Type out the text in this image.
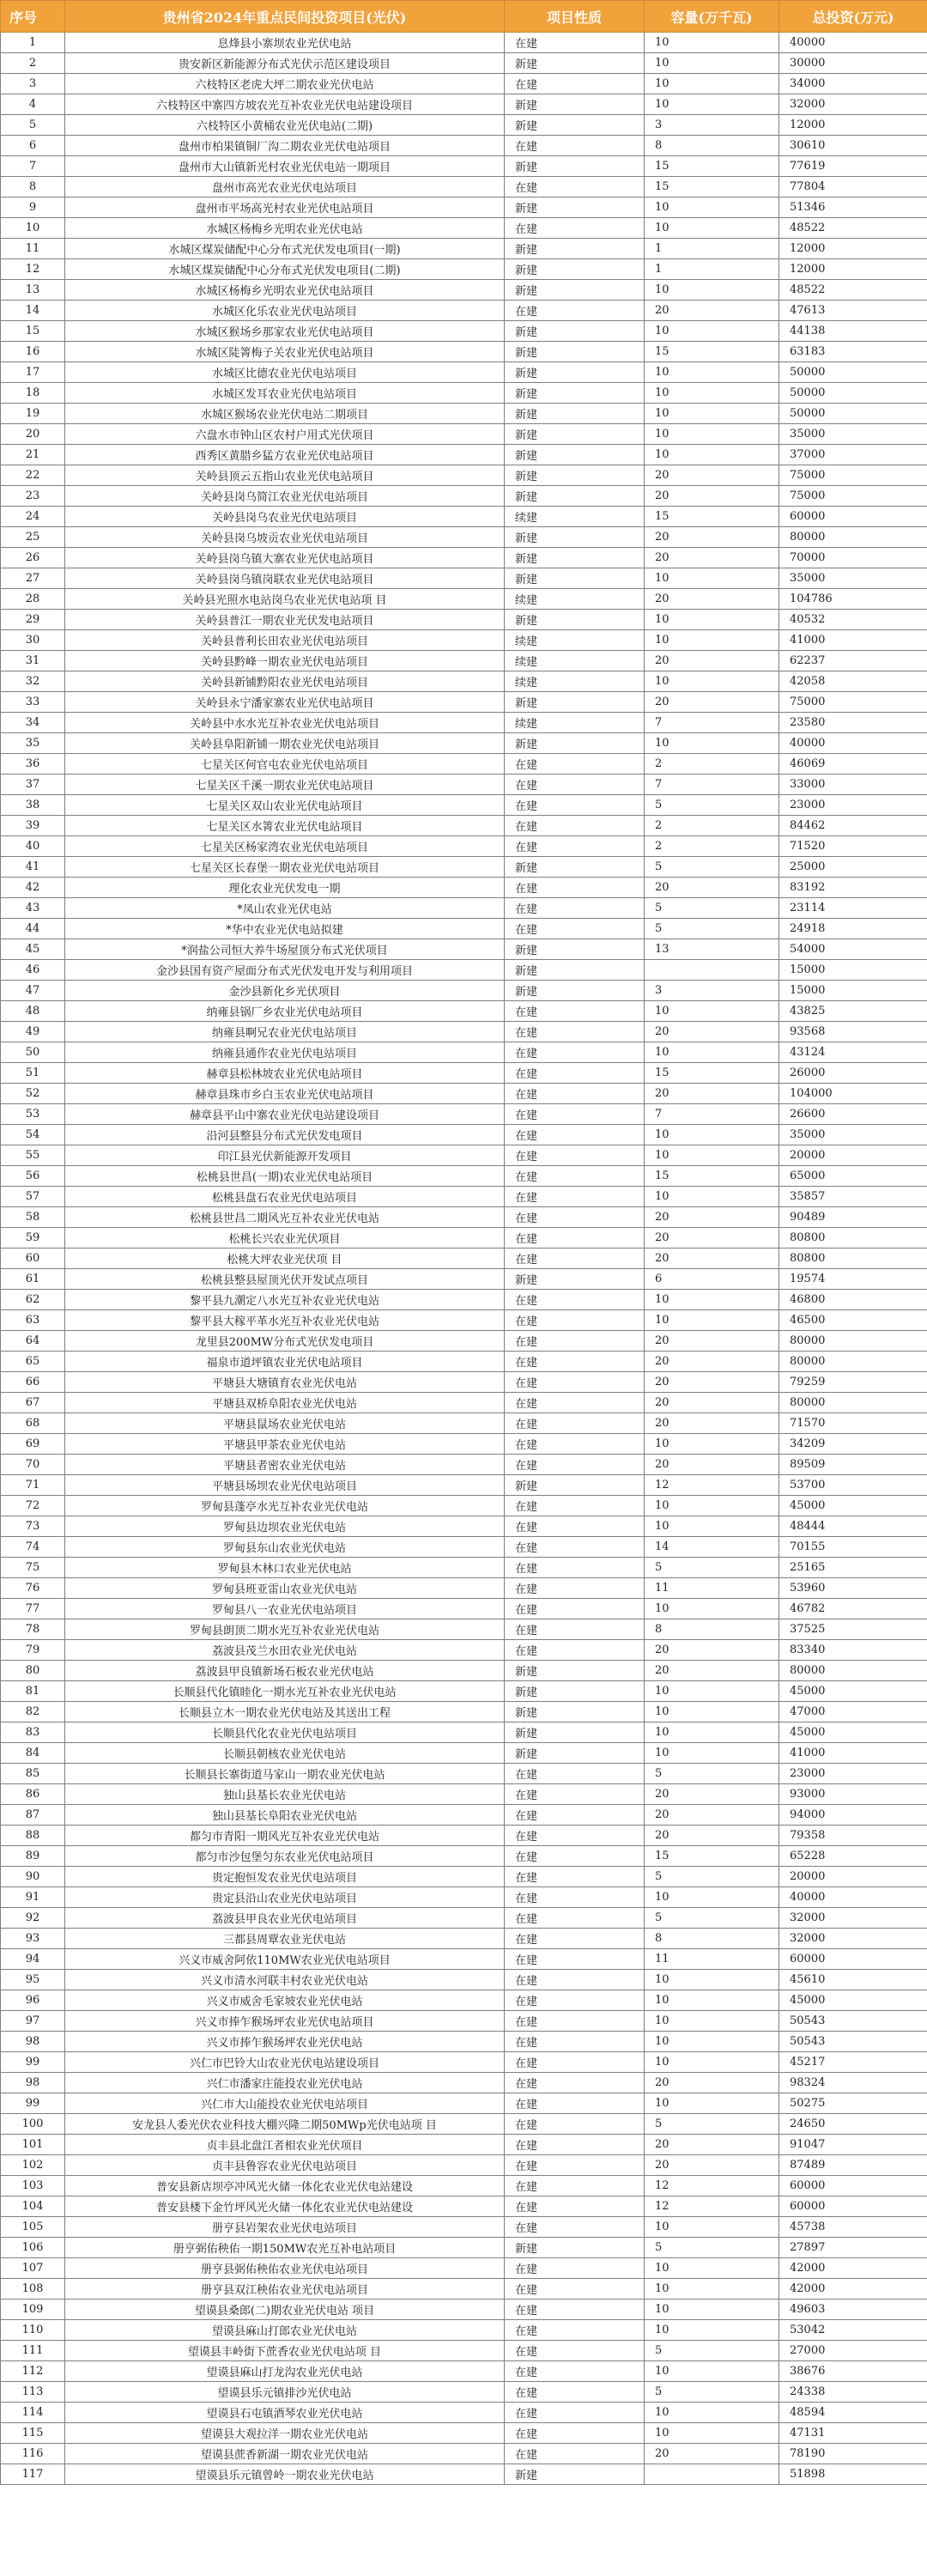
序号	贵州省2024年重点民间投资项目(光伏)	项目性质	容量(万千瓦)	总投资(万元)
1	息烽县小寨坝农业光伏电站	在建	10	40000
2	贵安新区新能源分布式光伏示范区建设项目	新建	10	30000
3	六枝特区老虎大坪二期农业光伏电站	在建	10	34000
4	六枝特区中寨四方坡农光互补农业光伏电站建设项目	新建	10	32000
5	六枝特区小黄桶农业光伏电站(二期)	新建	3	12000
6	盘州市柏果镇铜厂沟二期农业光伏电站项目	在建	8	30610
7	盘州市大山镇新光村农业光伏电站一期项目	新建	15	77619
8	盘州市高光农业光伏电站项目	在建	15	77804
9	盘州市平场高光村农业光伏电站项目	新建	10	51346
10	水城区杨梅乡光明农业光伏电站	在建	10	48522
11	水城区煤炭储配中心分布式光伏发电项目(一期)	新建	1	12000
12	水城区煤炭储配中心分布式光伏发电项目(二期)	新建	1	12000
13	水城区杨梅乡光明农业光伏电站项目	新建	10	48522
14	水城区化乐农业光伏电站项目	在建	20	47613
15	水城区猴场乡那家农业光伏电站项目	新建	10	44138
16	水城区陡箐梅子关农业光伏电站项目	新建	15	63183
17	水城区比德农业光伏电站项目	新建	10	50000
18	水城区发耳农业光伏电站项目	新建	10	50000
19	水城区猴场农业光伏电站二期项目	新建	10	50000
20	六盘水市钟山区农村户用式光伏项目	新建	10	35000
21	西秀区黄腊乡猛方农业光伏电站项目	新建	10	37000
22	关岭县顶云五指山农业光伏电站项目	新建	20	75000
23	关岭县岗乌简江农业光伏电站项目	新建	20	75000
24	关岭县岗乌农业光伏电站项目	续建	15	60000
25	关岭县岗乌坡贡农业光伏电站项目	新建	20	80000
26	关岭县岗乌镇大寨农业光伏电站项目	新建	20	70000
27	关岭县岗乌镇岗联农业光伏电站项目	新建	10	35000
28	关岭县光照水电站岗乌农业光伏电站项 目	续建	20	104786
29	关岭县普江一期农业光伏发电站项目	新建	10	40532
30	关岭县普利长田农业光伏电站项目	续建	10	41000
31	关岭县黔峰一期农业光伏电站项目	续建	20	62237
32	关岭县新铺黔阳农业光伏电站项目	续建	10	42058
33	关岭县永宁潘家寨农业光伏电站项目	新建	20	75000
34	关岭县中水水光互补农业光伏电站项目	续建	7	23580
35	关岭县阜阳新铺一期农业光伏电站项目	新建	10	40000
36	七星关区何官屯农业光伏电站项目	在建	2	46069
37	七星关区千溪一期农业光伏电站项目	在建	7	33000
38	七星关区双山农业光伏电站项目	在建	5	23000
39	七星关区水箐农业光伏电站项目	在建	2	84462
40	七星关区杨家湾农业光伏电站项目	在建	2	71520
41	七星关区长春堡一期农业光伏电站项目	新建	5	25000
42	理化农业光伏发电一期	在建	20	83192
43	*凤山农业光伏电站	在建	5	23114
44	*华中农业光伏电站拟建	在建	5	24918
45	*润盐公司恒大养牛场屋顶分布式光伏项目	新建	13	54000
46	金沙县国有资产屋面分布式光伏发电开发与利用项目	新建		15000
47	金沙县新化乡光伏项目	新建	3	15000
48	纳雍县锅厂乡农业光伏电站项目	在建	10	43825
49	纳雍县啊兄农业光伏电站项目	在建	20	93568
50	纳雍县通作农业光伏电站项目	在建	10	43124
51	赫章县松林坡农业光伏电站项目	在建	15	26000
52	赫章县珠市乡白玉农业光伏电站项目	在建	20	104000
53	赫章县平山中寨农业光伏电站建设项目	在建	7	26600
54	沿河县整县分布式光伏发电项目	在建	10	35000
55	印江县光伏新能源开发项目	在建	10	20000
56	松桃县世昌(一期)农业光伏电站项目	在建	15	65000
57	松桃县盘石农业光伏电站项目	在建	10	35857
58	松桃县世昌二期风光互补农业光伏电站	在建	20	90489
59	松桃长兴农业光伏项目	在建	20	80800
60	松桃大坪农业光伏项 目	在建	20	80800
61	松桃县整县屋顶光伏开发试点项目	新建	6	19574
62	黎平县九潮定八水光互补农业光伏电站	在建	10	46800
63	黎平县大稼平革水光互补农业光伏电站	在建	10	46500
64	龙里县200MW分布式光伏发电项目	在建	20	80000
65	福泉市道坪镇农业光伏电站项目	在建	20	80000
66	平塘县大塘镇育农业光伏电站	在建	20	79259
67	平塘县双桥阜阳农业光伏电站	在建	20	80000
68	平塘县鼠场农业光伏电站	在建	20	71570
69	平塘县甲茶农业光伏电站	在建	10	34209
70	平塘县者密农业光伏电站	在建	20	89509
71	平塘县场坝农业光伏电站项目	新建	12	53700
72	罗甸县蓬亭水光互补农业光伏电站	在建	10	45000
73	罗甸县边坝农业光伏电站	在建	10	48444
74	罗甸县东山农业光伏电站	在建	14	70155
75	罗甸县木林口农业光伏电站	在建	5	25165
76	罗甸县班亚雷山农业光伏电站	在建	11	53960
77	罗甸县八一农业光伏电站项目	在建	10	46782
78	罗甸县朗顶二期水光互补农业光伏电站	在建	8	37525
79	荔波县茂兰水田农业光伏电站	在建	20	83340
80	荔波县甲良镇新场石板农业光伏电站	新建	20	80000
81	长顺县代化镇睦化一期水光互补农业光伏电站	新建	10	45000
82	长顺县立木一期农业光伏电站及其送出工程	新建	10	47000
83	长顺县代化农业光伏电站项目	新建	10	45000
84	长顺县朝核农业光伏电站	新建	10	41000
85	长顺县长寨街道马家山一期农业光伏电站	在建	5	23000
86	独山县基长农业光伏电站	在建	20	93000
87	独山县基长阜阳农业光伏电站	在建	20	94000
88	都匀市青阳一期风光互补农业光伏电站	在建	20	79358
89	都匀市沙包堡匀东农业光伏电站项目	在建	15	65228
90	贵定抱恒发农业光伏电站项目	在建	5	20000
91	贵定县沿山农业光伏电站项目	在建	10	40000
92	荔波县甲良农业光伏电站项目	在建	5	32000
93	三都县周覃农业光伏电站	在建	8	32000
94	兴义市威舍阿依110MW农业光伏电站项目	在建	11	60000
95	兴义市清水河联丰村农业光伏电站	在建	10	45610
96	兴义市威舍毛家坡农业光伏电站	在建	10	45000
97	兴义市捧乍猴场坪农业光伏电站项目	在建	10	50543
98	兴义市捧乍猴场坪农业光伏电站	在建	10	50543
99	兴仁市巴铃大山农业光伏电站建设项目	在建	10	45217
98	兴仁市潘家庄能投农业光伏电站	在建	20	98324
99	兴仁市大山能投农业光伏电站项目	在建	10	50275
100	安龙县人委光伏农业科技大棚兴隆二期50MWp光伏电站项 目	在建	5	24650
101	贞丰县北盘江者相农业光伏项目	在建	20	91047
102	贞丰县鲁容农业光伏电站项目	在建	20	87489
103	普安县新店坝亭冲风光火储一体化农业光伏电站建设	在建	12	60000
104	普安县楼下金竹坪风光火储一体化农业光伏电站建设	在建	12	60000
105	册亨县岩架农业光伏电站项目	在建	10	45738
106	册亨弼佑秧佑一期150MW农光互补电站项目	新建	5	27897
107	册亨县弼佑秧佑农业光伏电站项目	在建	10	42000
108	册亨县双江秧佑农业光伏电站项目	在建	10	42000
109	望谟县桑郎(二)期农业光伏电站 项目	在建	10	49603
110	望谟县麻山打郎农业光伏电站	在建	10	53042
111	望谟县丰岭街下蔗香农业光伏电站项 目	在建	5	27000
112	望谟县麻山打龙沟农业光伏电站	在建	10	38676
113	望谟县乐元镇排沙光伏电站	在建	5	24338
114	望谟县石屯镇酒琴农业光伏电站	在建	10	48594
115	望谟县大观拉洋一期农业光伏电站	在建	10	47131
116	望谟县蔗香新湖一期农业光伏电站	在建	20	78190
117	望谟县乐元镇曾岭一期农业光伏电站	新建		51898
